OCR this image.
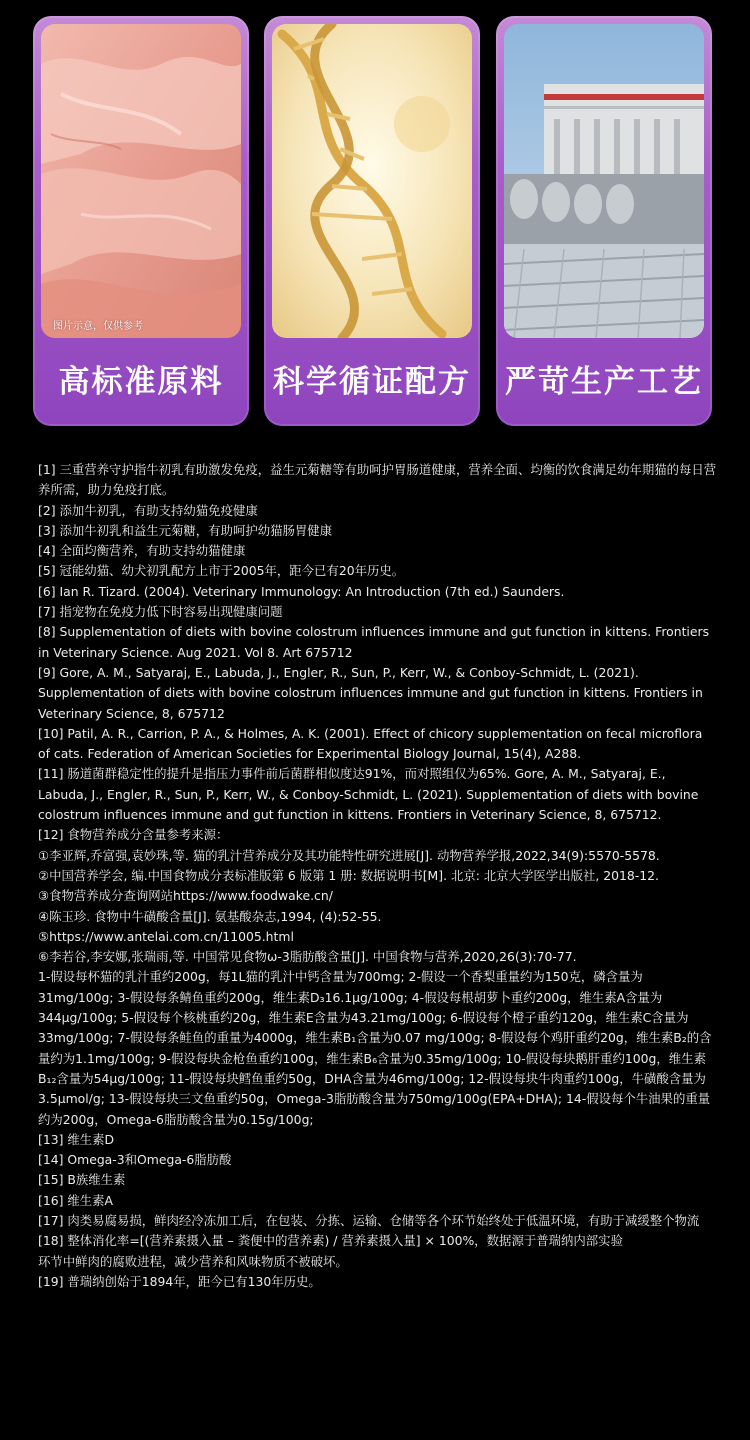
图片示意，仅供参考
高标准原料	科学循证配方 严苛生产工艺

[1] 三重营养守护指牛初乳有助激发免疫，益生元菊糖等有助呵护胃肠道健康，营养全面、均衡的饮食满足幼年期猫的每日营养所需，助力免疫打底。

[2] 添加牛初乳，有助支持幼猫免疫健康

[3] 添加牛初乳和益生元菊糖，有助呵护幼猫肠胃健康

[4] 全面均衡营养，有助支持幼猫健康

[5] 冠能幼猫、幼犬初乳配方上市于2005年，距今已有20年历史。

[6] Ian R. Tizard. (2004). Veterinary Immunology: An Introduction (7th ed.) Saunders.

[7] 指宠物在免疫力低下时容易出现健康问题

[8] Supplementation of diets with bovine colostrum influences immune and gut function in kittens. Frontiers in Veterinary Science. Aug 2021. Vol 8. Art 675712

[9] Gore, A. M., Satyaraj, E., Labuda, J., Engler, R., Sun, P., Kerr, W., & Conboy-Schmidt, L. (2021). Supplementation of diets with bovine colostrum influences immune and gut function in kittens. Frontiers in Veterinary Science, 8, 675712

[10] Patil, A. R., Carrion, P. A., & Holmes, A. K. (2001). Effect of chicory supplementation on fecal microflora of cats. Federation of American Societies for Experimental Biology Journal, 15(4), A288.

[11] 肠道菌群稳定性的提升是指压力事件前后菌群相似度达91%，而对照组仅为65%. Gore, A. M., Satyaraj, E., Labuda, J., Engler, R., Sun, P., Kerr, W., & Conboy-Schmidt, L. (2021). Supplementation of diets with bovine colostrum influences immune and gut function in kittens. Frontiers in Veterinary Science, 8, 675712.

[12] 食物营养成分含量参考来源：

①李亚辉,乔富强,袁妙珠,等. 猫的乳汁营养成分及其功能特性研究进展[J]. 动物营养学报,2022,34(9):5570-5578.

②中国营养学会, 编.中国食物成分表标准版第 6 版第 1 册: 数据说明书[M]. 北京: 北京大学医学出版社, 2018-12.

③食物营养成分查询网站https://www.foodwake.cn/

④陈玉珍. 食物中牛磺酸含量[J]. 氨基酸杂志,1994, (4):52-55.

⑤https://www.antelai.com.cn/11005.html

⑥李若谷,李安娜,张瑞雨,等. 中国常见食物ω-3脂肪酸含量[J]. 中国食物与营养,2020,26(3):70-77.

1-假设每杯猫的乳汁重约200g，每1L猫的乳汁中钙含量为700mg; 2-假设一个香梨重量约为150克，磷含量为31mg/100g; 3-假设每条鲭鱼重约200g，维生素D₃16.1μg/100g; 4-假设每根胡萝卜重约200g，维生素A含量为344μg/100g; 5-假设每个核桃重约20g，维生素E含量为43.21mg/100g; 6-假设每个橙子重约120g，维生素C含量为33mg/100g; 7-假设每条鲑鱼的重量为4000g，维生素B₁含量为0.07 mg/100g; 8-假设每个鸡肝重约20g，维生素B₂的含量约为1.1mg/100g; 9-假设每块金枪鱼重约100g，维生素B₆含量为0.35mg/100g; 10-假设每块鹅肝重约100g，维生素B₁₂含量为54μg/100g; 11-假设每块鳕鱼重约50g，DHA含量为46mg/100g; 12-假设每块牛肉重约100g，牛磺酸含量为3.5μmol/g; 13-假设每块三文鱼重约50g，Omega-3脂肪酸含量为750mg/100g(EPA+DHA); 14-假设每个牛油果的重量约为200g，Omega-6脂肪酸含量为0.15g/100g;

[13] 维生素D

[14] Omega-3和Omega-6脂肪酸

[15] B族维生素

[16] 维生素A

[17] 肉类易腐易损，鲜肉经冷冻加工后，在包装、分拣、运输、仓储等各个环节始终处于低温环境，有助于减缓整个物流

[18] 整体消化率=[(营养素摄入量 – 粪便中的营养素) / 营养素摄入量] × 100%，数据源于普瑞纳内部实验

环节中鲜肉的腐败进程，减少营养和风味物质不被破坏。

[19] 普瑞纳创始于1894年，距今已有130年历史。
